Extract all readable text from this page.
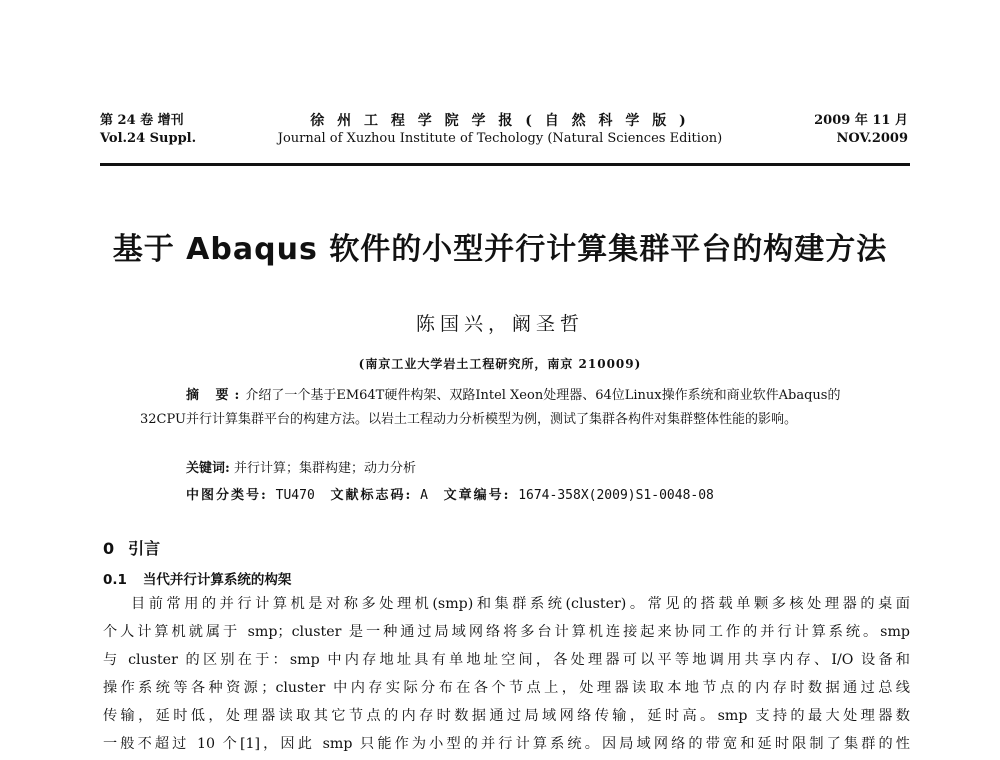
第 24 卷 增刊
Vol.24 Suppl.
徐 州 工 程 学 院 学 报 ( 自 然 科 学 版 )
Journal of Xuzhou Institute of Techology (Natural Sciences Edition)
2009 年 11 月
NOV.2009
基于 Abaqus 软件的小型并行计算集群平台的构建方法
陈国兴，阚圣哲
(南京工业大学岩土工程研究所，南京 210009)
摘 要:介绍了一个基于EM64T硬件构架、双路Intel Xeon处理器、64位Linux操作系统和商业软件Abaqus的32CPU并行计算集群平台的构建方法。以岩土工程动力分析模型为例，测试了集群各构件对集群整体性能的影响。
关键词: 并行计算；集群构建；动力分析
中图分类号: TU470 文献标志码: A 文章编号: 1674-358X(2009)S1-0048-08
0 引言
0.1 当代并行计算系统的构架
目前常用的并行计算机是对称多处理机(smp)和集群系统(cluster)。常见的搭载单颗多核处理器的桌面
个人计算机就属于 smp；cluster 是一种通过局域网络将多台计算机连接起来协同工作的并行计算系统。smp
与 cluster 的区别在于：smp 中内存地址具有单地址空间，各处理器可以平等地调用共享内存、I/O 设备和
操作系统等各种资源；cluster 中内存实际分布在各个节点上，处理器读取本地节点的内存时数据通过总线
传输，延时低，处理器读取其它节点的内存时数据通过局域网络传输，延时高。smp 支持的最大处理器数
一般不超过 10 个[1]，因此 smp 只能作为小型的并行计算系统。因局域网络的带宽和延时限制了集群的性
